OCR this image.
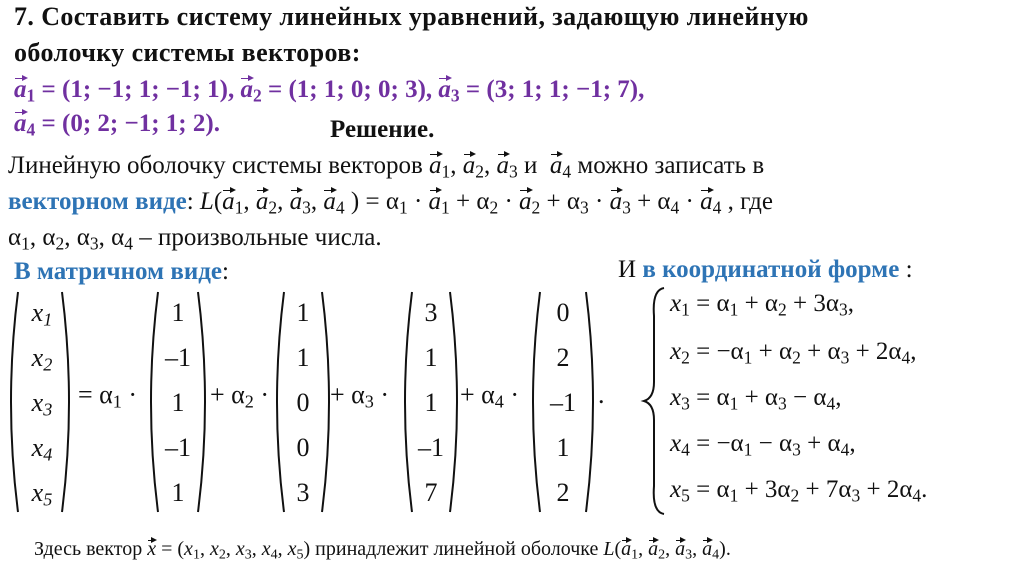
7. Составить систему линейных уравнений, задающую линейную
оболочку системы векторов:
$a_1 = (1$; −1; 1; −1; 1), $a_2 = (1$; 1; 0; 0; 3), $a_3 = (3$; 1; 1; −1; 7),
$a_4 = (0$; 2; −1; 1; 2).	Решение.
Линейную оболочку системы векторов $a_1$, $a_2$, $a_3$ и $a_4$ можно записать в
векторном виде: $L(a_1$, $a_2$, $a_3$, $a_4$ ) = $\alpha_1 \cdot a_1 + \alpha_2 \cdot a_2 + \alpha_3 \cdot a_3 + \alpha_4 \cdot a_4$ , где
$\alpha_1$, $\alpha_2$, $\alpha_3$, $\alpha_4$ – произвольные числа.
В матричном виде:	И в координатной форме :
$x_1$
$x_2$
$x_3$
$x_4$
$x_5$
= $\alpha_1$ ·
1
–1
1
–1
1
+ $\alpha_2$ ·
1
1
0
0
3
+ $\alpha_3$ ·
3
1
1
–1
7
+ $\alpha_4$ ·
0
2
–1
1
2
.
$x_1 = \alpha_1 + \alpha_2 + 3\alpha_3$,
$x_2 = -\alpha_1 + \alpha_2 + \alpha_3 + 2\alpha_4$,
$x_3 = \alpha_1 + \alpha_3 - \alpha_4$,
$x_4 = -\alpha_1 - \alpha_3 + \alpha_4$,
$x_5 = \alpha_1 + 3\alpha_2 + 7\alpha_3 + 2\alpha_4$.
Здесь вектор $x = (x_1$, $x_2$, $x_3$, $x_4$, $x_5$) принадлежит линейной оболочке $L(a_1$, $a_2$, $a_3$, $a_4$).
